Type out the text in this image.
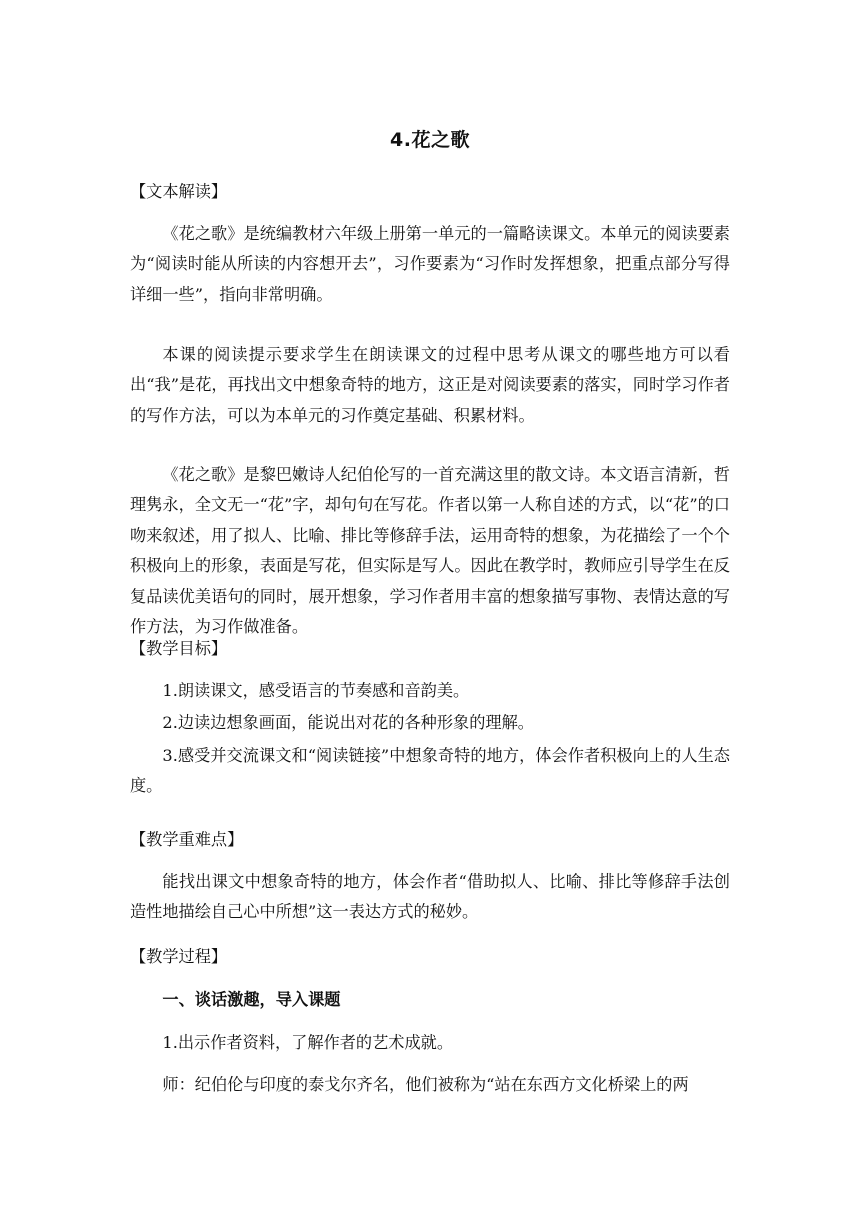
4.花之歌
【文本解读】
《花之歌》是统编教材六年级上册第一单元的一篇略读课文。本单元的阅读要素为“阅读时能从所读的内容想开去”，习作要素为“习作时发挥想象，把重点部分写得详细一些”，指向非常明确。
本课的阅读提示要求学生在朗读课文的过程中思考从课文的哪些地方可以看出“我”是花，再找出文中想象奇特的地方，这正是对阅读要素的落实，同时学习作者的写作方法，可以为本单元的习作奠定基础、积累材料。
《花之歌》是黎巴嫩诗人纪伯伦写的一首充满这里的散文诗。本文语言清新，哲理隽永，全文无一“花”字，却句句在写花。作者以第一人称自述的方式，以“花”的口吻来叙述，用了拟人、比喻、排比等修辞手法，运用奇特的想象，为花描绘了一个个积极向上的形象，表面是写花，但实际是写人。因此在教学时，教师应引导学生在反复品读优美语句的同时，展开想象，学习作者用丰富的想象描写事物、表情达意的写作方法，为习作做准备。
【教学目标】
1.朗读课文，感受语言的节奏感和音韵美。
2.边读边想象画面，能说出对花的各种形象的理解。
3.感受并交流课文和“阅读链接”中想象奇特的地方，体会作者积极向上的人生态度。
【教学重难点】
能找出课文中想象奇特的地方，体会作者“借助拟人、比喻、排比等修辞手法创造性地描绘自己心中所想”这一表达方式的秘妙。
【教学过程】
一、谈话激趣，导入课题
1.出示作者资料，了解作者的艺术成就。
师：纪伯伦与印度的泰戈尔齐名，他们被称为“站在东西方文化桥梁上的两
